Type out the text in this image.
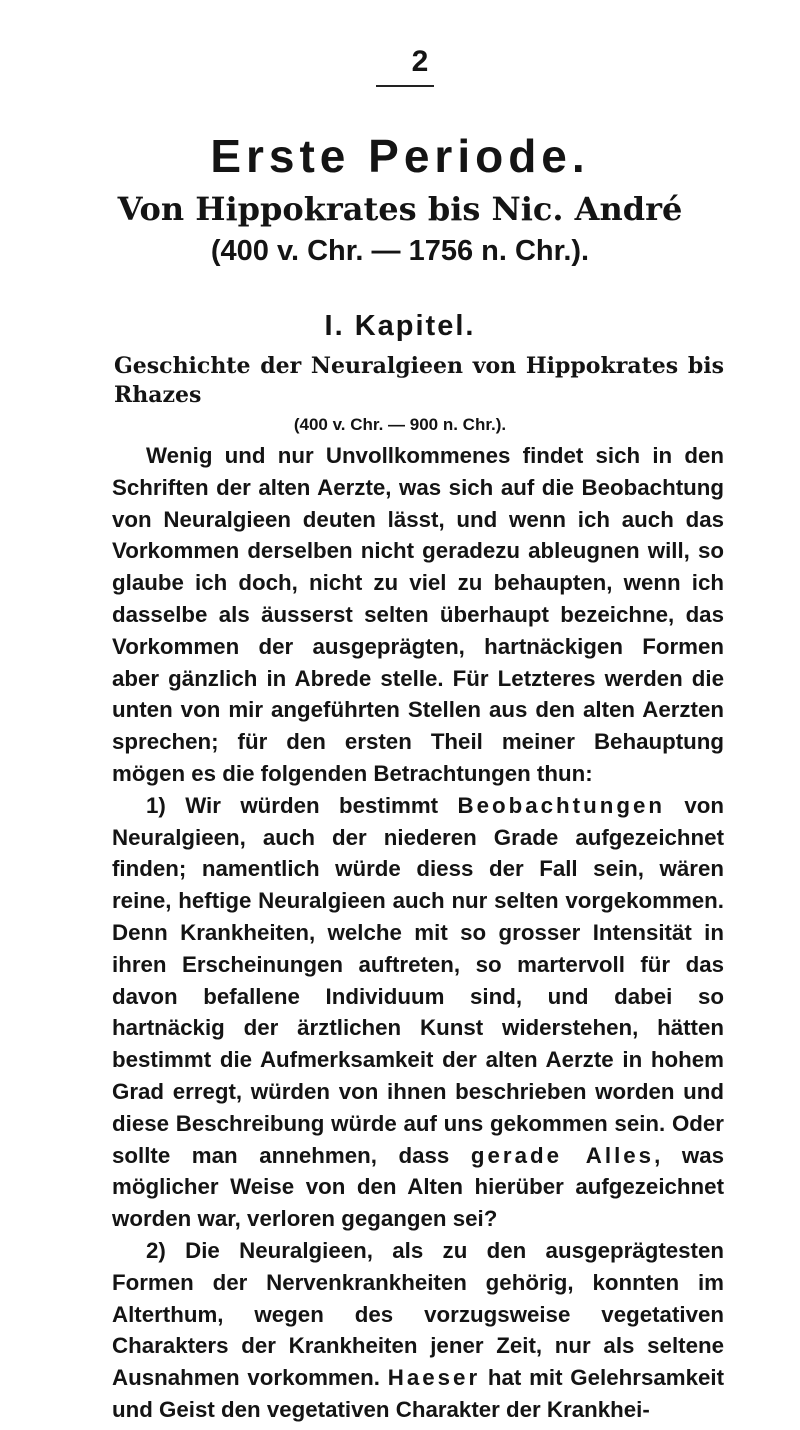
2
Erste Periode.
Von Hippokrates bis Nic. André
(400 v. Chr. — 1756 n. Chr.).
I. Kapitel.
Geschichte der Neuralgieen von Hippokrates bis Rhazes
(400 v. Chr. — 900 n. Chr.).

Wenig und nur Unvollkommenes findet sich in den Schriften der alten Aerzte, was sich auf die Beobachtung von Neuralgieen deuten lässt, und wenn ich auch das Vorkommen derselben nicht geradezu ableugnen will, so glaube ich doch, nicht zu viel zu behaupten, wenn ich dasselbe als äusserst selten überhaupt bezeichne, das Vorkommen der ausgeprägten, hartnäckigen Formen aber gänzlich in Abrede stelle. Für Letzteres werden die unten von mir angeführten Stellen aus den alten Aerzten sprechen; für den ersten Theil meiner Behauptung mögen es die folgenden Betrachtungen thun:

1) Wir würden bestimmt Beobachtungen von Neuralgieen, auch der niederen Grade aufgezeichnet finden; namentlich würde diess der Fall sein, wären reine, heftige Neuralgieen auch nur selten vorgekommen. Denn Krankheiten, welche mit so grosser Intensität in ihren Erscheinungen auftreten, so martervoll für das davon befallene Individuum sind, und dabei so hartnäckig der ärztlichen Kunst widerstehen, hätten bestimmt die Aufmerksamkeit der alten Aerzte in hohem Grad erregt, würden von ihnen beschrieben worden und diese Beschreibung würde auf uns gekommen sein. Oder sollte man annehmen, dass gerade Alles, was möglicher Weise von den Alten hierüber aufgezeichnet worden war, verloren gegangen sei?

2) Die Neuralgieen, als zu den ausgeprägtesten Formen der Nervenkrankheiten gehörig, konnten im Alterthum, wegen des vorzugsweise vegetativen Charakters der Krankheiten jener Zeit, nur als seltene Ausnahmen vorkommen. Haeser hat mit Gelehrsamkeit und Geist den vegetativen Charakter der Krankhei-
